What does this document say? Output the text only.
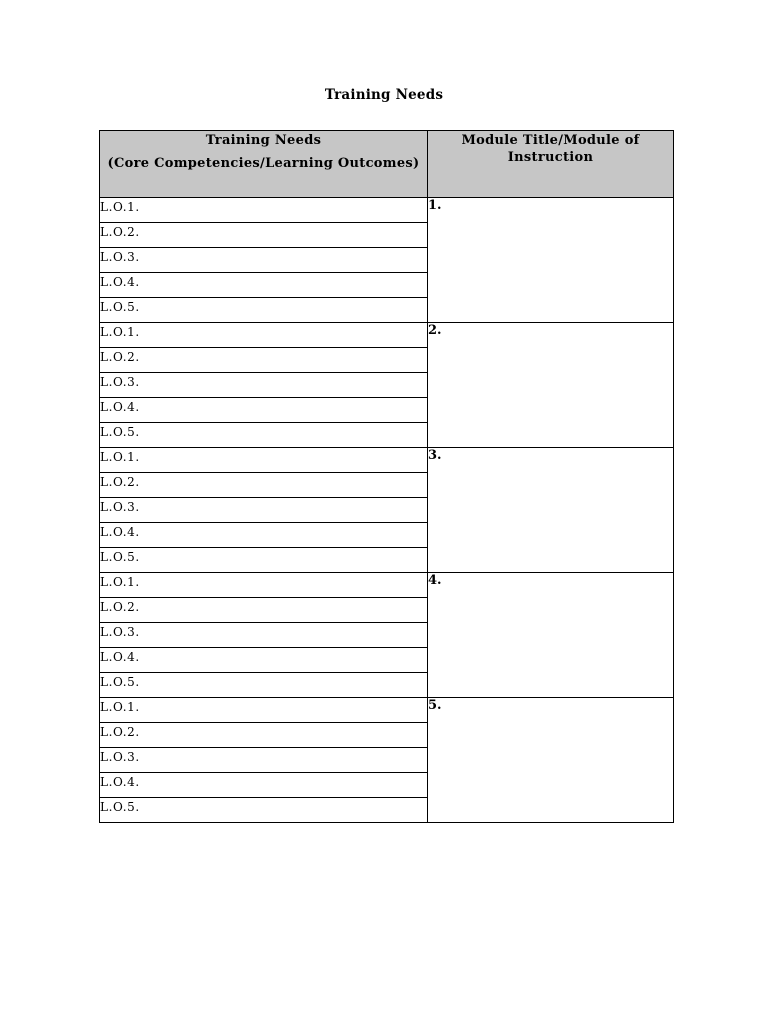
Training Needs
Training Needs
(Core Competencies/Learning Outcomes)	Module Title/Module of Instruction

L.O.1.	1.

L.O.2.	

L.O.3.	

L.O.4.	

L.O.5.	

L.O.1.	2.

L.O.2.	

L.O.3.	

L.O.4.	

L.O.5.	

L.O.1.	3.

L.O.2.	

L.O.3.	

L.O.4.	

L.O.5.	

L.O.1.	4.

L.O.2.	

L.O.3.	

L.O.4.	

L.O.5.	

L.O.1.	5.

L.O.2.	

L.O.3.	

L.O.4.	

L.O.5.	
